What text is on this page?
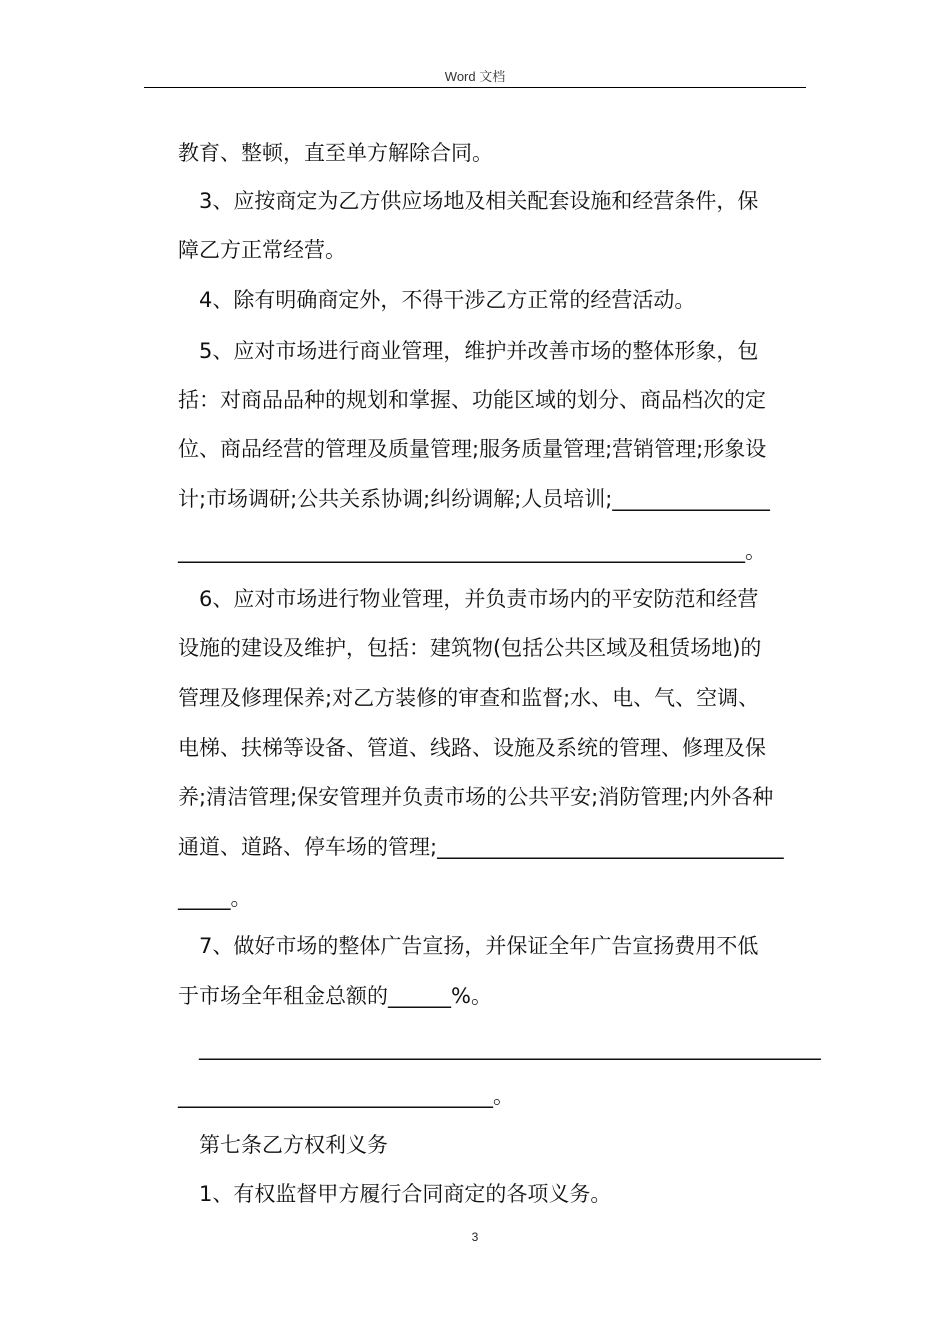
Word 文档
教育、整顿，直至单方解除合同。
3、应按商定为乙方供应场地及相关配套设施和经营条件，保
障乙方正常经营。
4、除有明确商定外，不得干涉乙方正常的经营活动。
5、应对市场进行商业管理，维护并改善市场的整体形象，包
括：对商品品种的规划和掌握、功能区域的划分、商品档次的定
位、商品经营的管理及质量管理;服务质量管理;营销管理;形象设
计;市场调研;公共关系协调;纠纷调解;人员培训;_______________
______________________________________________________。
6、应对市场进行物业管理，并负责市场内的平安防范和经营
设施的建设及维护，包括：建筑物(包括公共区域及租赁场地)的
管理及修理保养;对乙方装修的审查和监督;水、电、气、空调、
电梯、扶梯等设备、管道、线路、设施及系统的管理、修理及保
养;清洁管理;保安管理并负责市场的公共平安;消防管理;内外各种
通道、道路、停车场的管理;_________________________________
_____。
7、做好市场的整体广告宣扬，并保证全年广告宣扬费用不低
于市场全年租金总额的______%。
______________________________________________________________
______________________________。
第七条乙方权利义务
1、有权监督甲方履行合同商定的各项义务。
3
